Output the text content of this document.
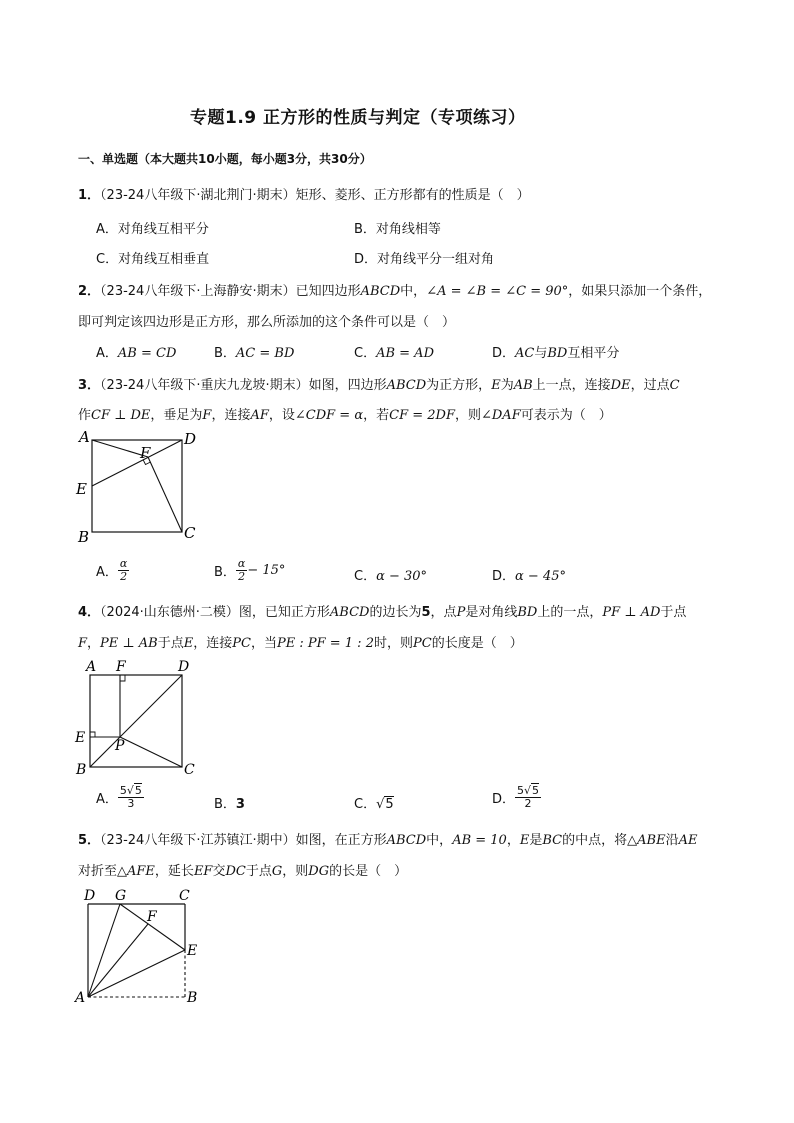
专题1.9 正方形的性质与判定（专项练习）
一、单选题（本大题共10小题，每小题3分，共30分）
1．（23-24八年级下·湖北荆门·期末）矩形、菱形、正方形都有的性质是（　）
A．对角线互相平分	B．对角线相等
C．对角线互相垂直	D．对角线平分一组对角
2．（23-24八年级下·上海静安·期末）已知四边形ABCD中，∠A = ∠B = ∠C = 90°，如果只添加一个条件，
即可判定该四边形是正方形，那么所添加的这个条件可以是（　）
A．AB = CD	B．AC = BD	C．AB = AD	D．AC与BD互相平分
3．（23-24八年级下·重庆九龙坡·期末）如图，四边形ABCD为正方形，E为AB上一点，连接DE，过点C
作CF ⊥ DE，垂足为F，连接AF，设∠CDF = α，若CF = 2DF，则∠DAF可表示为（　）
A	D
F
E
B	C
A． $\frac{\alpha}{2}$	B． $\frac{\alpha}{2} - 15^\circ$	C．α − 30°	D．α − 45°
4．（2024·山东德州·二模）图，已知正方形ABCD的边长为5，点P是对角线BD上的一点，PF ⊥ AD于点
F，PE ⊥ AB于点E，连接PC，当PE : PF = 1 : 2时，则PC的长度是（　）
A F	D
E P
B	C
A． $\frac{5√5}{3}$	B．3	C．√5	D． $\frac{5√5}{2}$
5．（23-24八年级下·江苏镇江·期中）如图，在正方形ABCD中，AB = 10，E是BC的中点，将△ABE沿AE
对折至△AFE，延长EF交DC于点G，则DG的长是（　）
D G	C
F
E
A	B
